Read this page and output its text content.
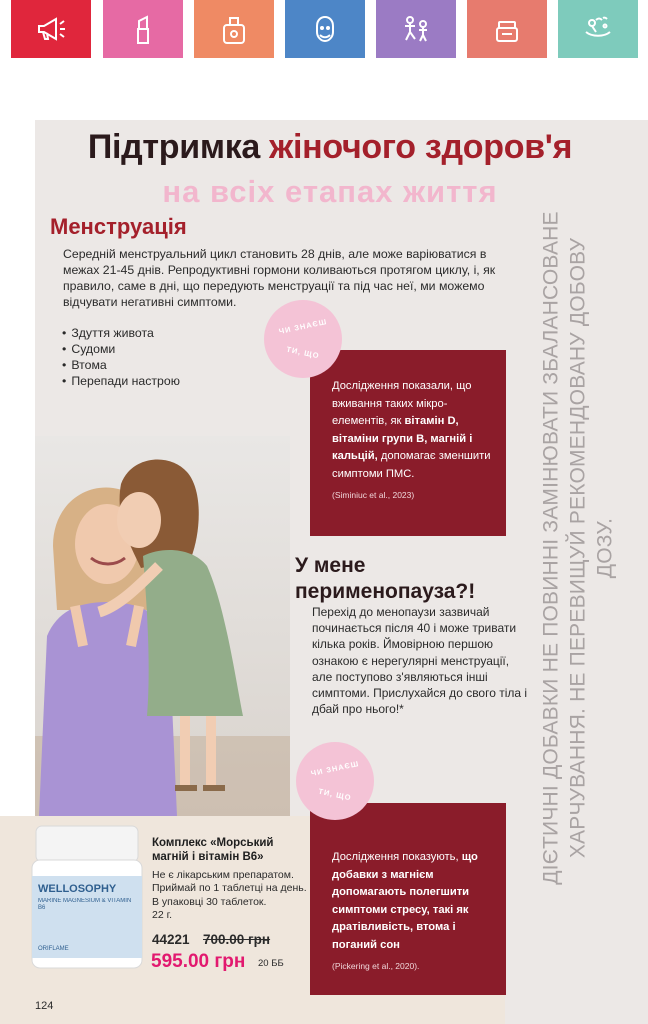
Підтримка жіночого здоров'я
на всіх етапах життя
ДІЄТИЧНІ ДОБАВКИ НЕ ПОВИННІ ЗАМІНЮВАТИ ЗБАЛАНСОВАНЕ ХАРЧУВАННЯ. НЕ ПЕРЕВИЩУЙ РЕКОМЕНДОВАНУ ДОБОВУ ДОЗУ.
Менструація
Середній менструальний цикл становить 28 днів, але може варіюватися в межах 21-45 днів. Репродуктивні гормони коливаються протягом циклу, і, як правило, саме в дні, що передують менструації та під час неї, ми можемо відчувати негативні симптоми.
• Здуття живота
• Судоми
• Втома
• Перепади настрою	Дослідження показали, що вживання таких мікро-елементів, як вітамін D, вітаміни групи B, магній і кальцій, допомагає зменшити симптоми ПМС.

(Siminiuc et al., 2023)
ЧИ ЗНАЄШ
ТИ, ЩО
У мене
перименопауза?!
Перехід до менопаузи зазвичай починається після 40 і може тривати кілька років. Ймовірною першою ознакою є нерегулярні менструації, але поступово з'являються інші симптоми. Прислухайся до свого тіла і дбай про нього!*

Дослідження показують, що добавки з магнієм допомагають полегшити симптоми стресу, такі як дратівливість, втома і поганий сон

(Pickering et al., 2020).
ЧИ ЗНАЄШ
ТИ, ЩО
WELLOSOPHY
MARINE MAGNESIUM & VITAMIN B6
ORIFLAME
Комплекс «Морський магній і вітамін B6»
Не є лікарським препаратом.
Приймай по 1 таблетці на день.
В упаковці 30 таблеток.
22 г.
44221 700.00 грн
595.00 грн 20 ББ
124
